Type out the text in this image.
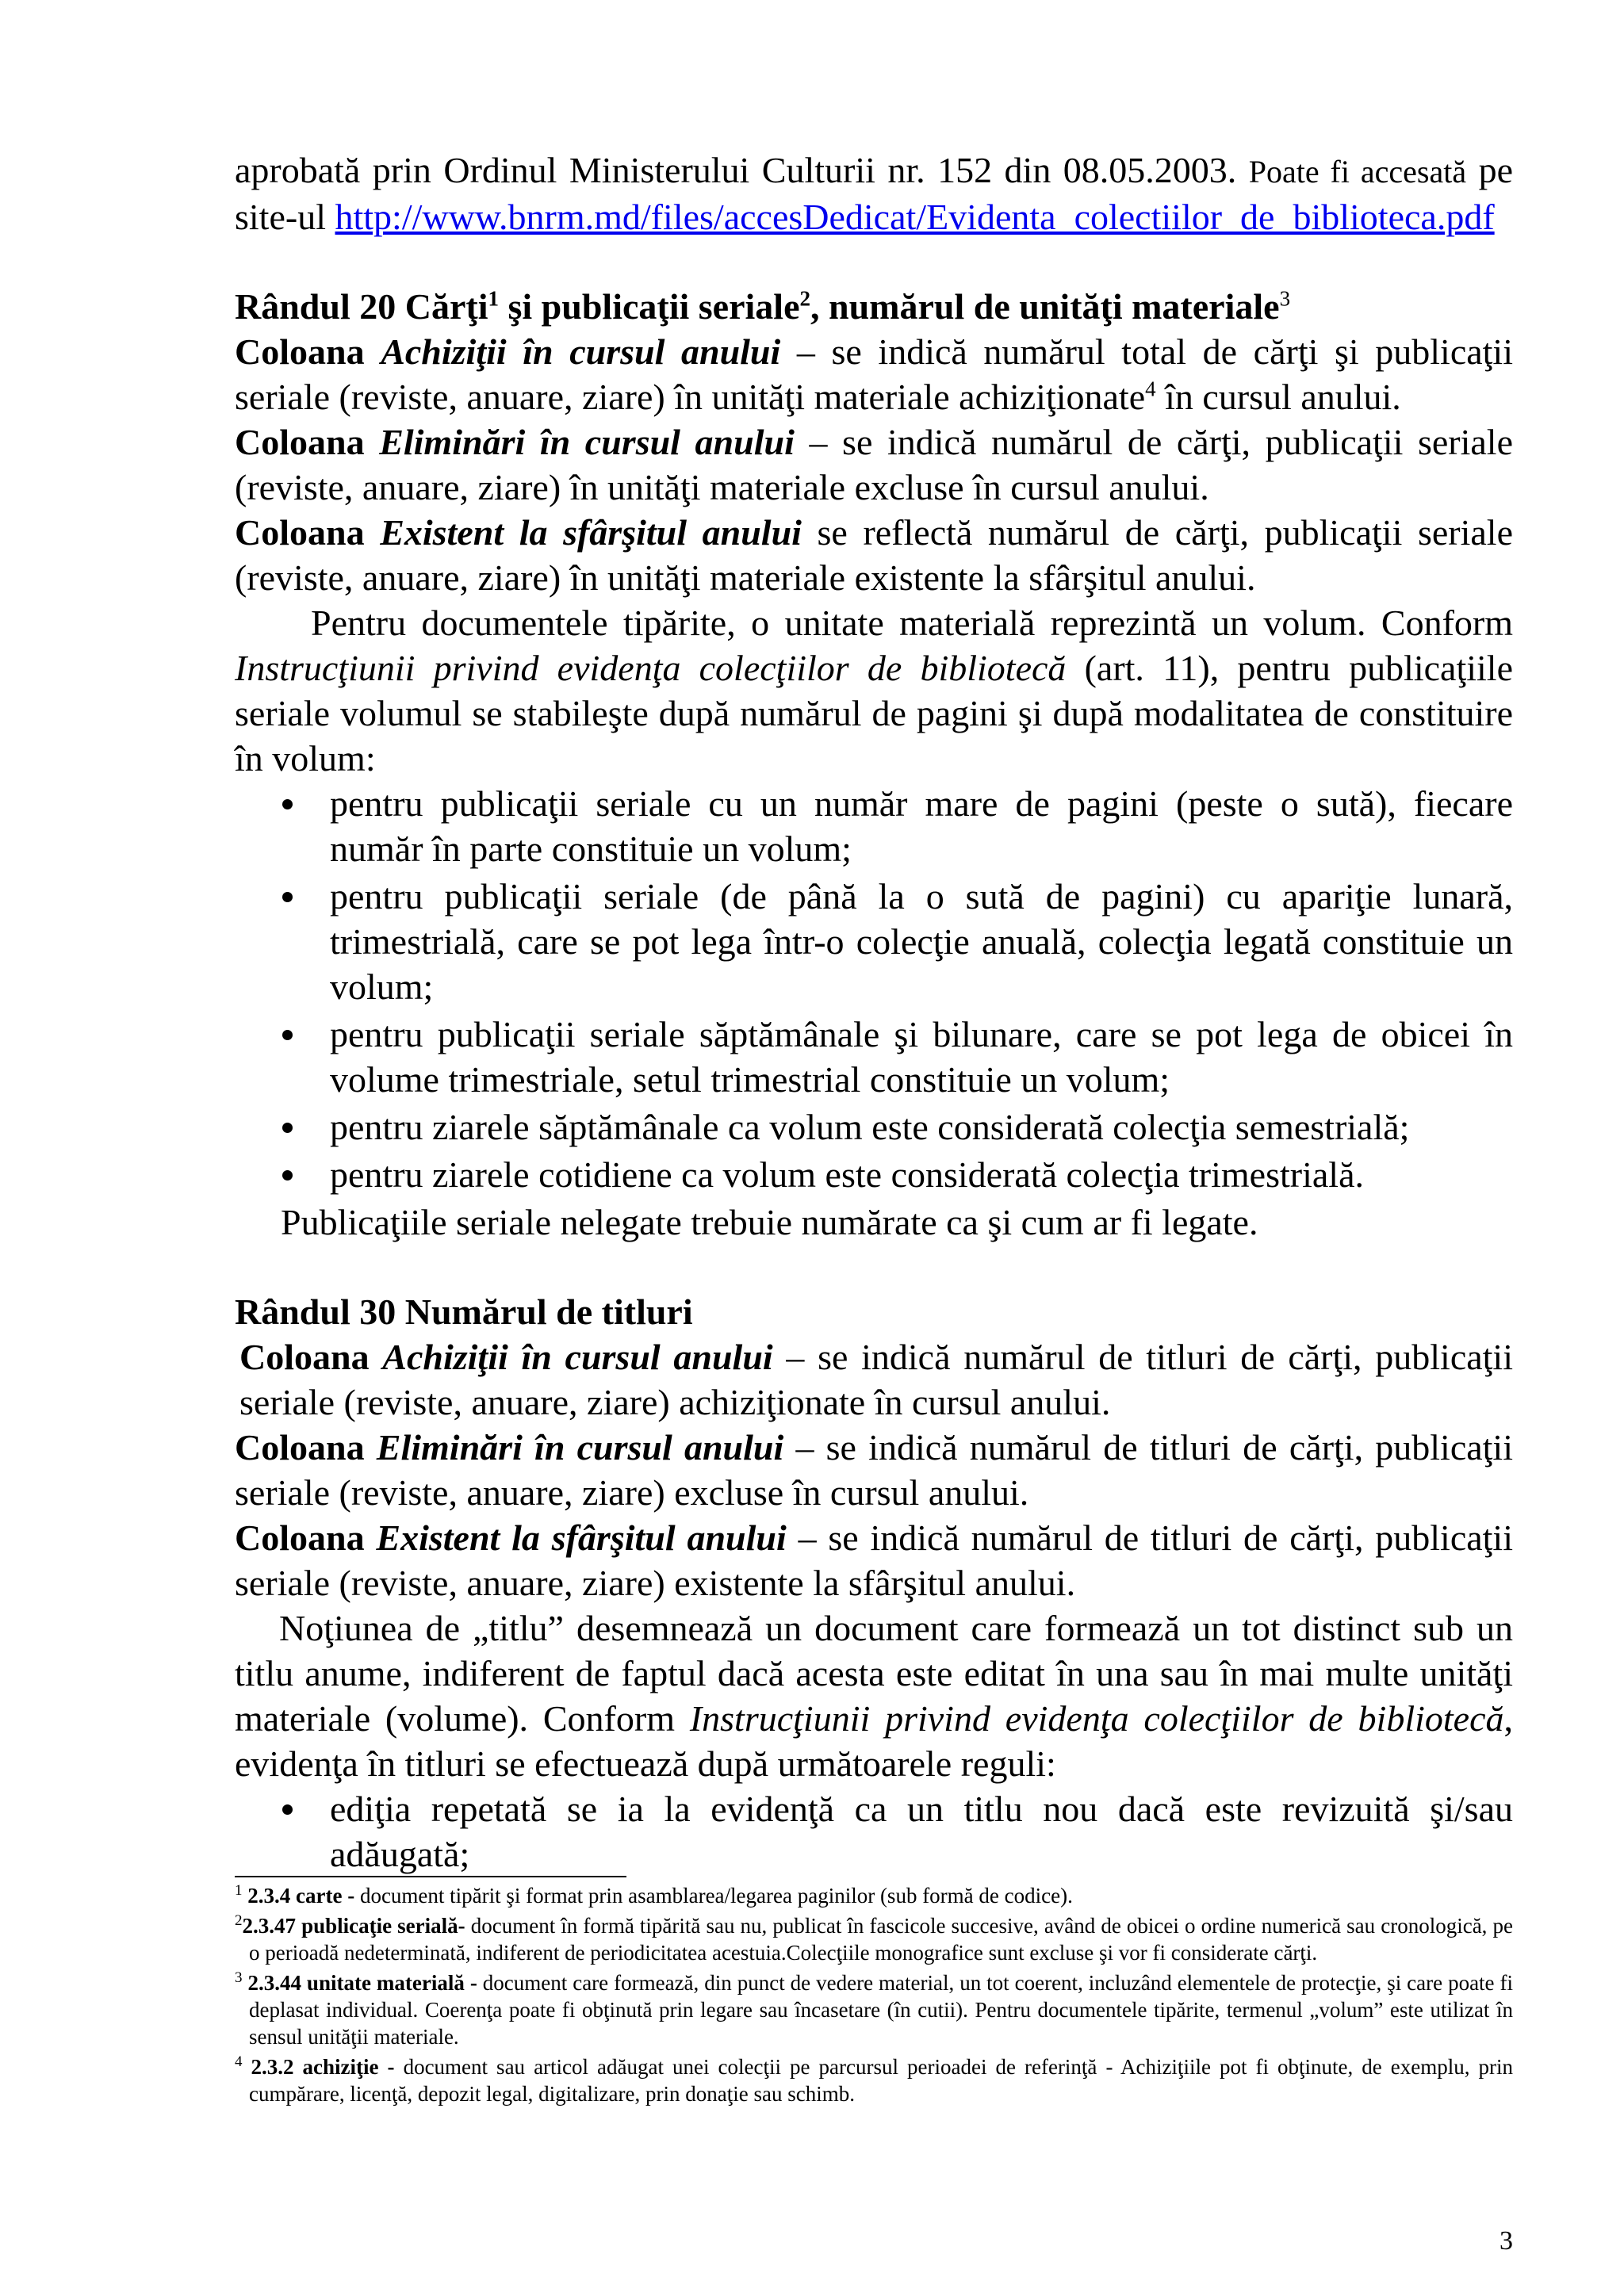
aprobată prin Ordinul Ministerului Culturii nr. 152 din 08.05.2003. Poate fi accesată pe site-ul http://www.bnrm.md/files/accesDedicat/Evidenta_colectiilor_de_biblioteca.pdf

Rândul 20 Cărţi$^1$ şi publicaţii seriale$^2$, numărul de unităţi materiale$^3$

Coloana Achiziţii în cursul anului – se indică numărul total de cărţi şi publicaţii seriale (reviste, anuare, ziare) în unităţi materiale achiziţionate$^4$ în cursul anului.

Coloana Eliminări în cursul anului – se indică numărul de cărţi, publicaţii seriale (reviste, anuare, ziare) în unităţi materiale excluse în cursul anului.

Coloana Existent la sfârşitul anului se reflectă numărul de cărţi, publicaţii seriale (reviste, anuare, ziare) în unităţi materiale existente la sfârşitul anului.

Pentru documentele tipărite, o unitate materială reprezintă un volum. Conform Instrucţiunii privind evidenţa colecţiilor de bibliotecă (art. 11), pentru publicaţiile seriale volumul se stabileşte după numărul de pagini şi după modalitatea de constituire în volum:

pentru publicaţii seriale cu un număr mare de pagini (peste o sută), fiecare număr în parte constituie un volum;
pentru publicaţii seriale (de până la o sută de pagini) cu apariţie lunară, trimestrială, care se pot lega într-o colecţie anuală, colecţia legată constituie un volum;
pentru publicaţii seriale săptămânale şi bilunare, care se pot lega de obicei în volume trimestriale, setul trimestrial constituie un volum;
pentru ziarele săptămânale ca volum este considerată colecţia semestrială;
pentru ziarele cotidiene ca volum este considerată colecţia trimestrială.

Publicaţiile seriale nelegate trebuie numărate ca şi cum ar fi legate.

Rândul 30 Numărul de titluri

Coloana Achiziţii în cursul anului – se indică numărul de titluri de cărţi, publicaţii seriale (reviste, anuare, ziare) achiziţionate în cursul anului.

Coloana Eliminări în cursul anului – se indică numărul de titluri de cărţi, publicaţii seriale (reviste, anuare, ziare) excluse în cursul anului.

Coloana Existent la sfârşitul anului – se indică numărul de titluri de cărţi, publicaţii seriale (reviste, anuare, ziare) existente la sfârşitul anului.

Noţiunea de „titlu” desemnează un document care formează un tot distinct sub un titlu anume, indiferent de faptul dacă acesta este editat în una sau în mai multe unităţi materiale (volume). Conform Instrucţiunii privind evidenţa colecţiilor de bibliotecă, evidenţa în titluri se efectuează după următoarele reguli:

ediţia repetată se ia la evidenţă ca un titlu nou dacă este revizuită şi/sau adăugată;

$^1$ 2.3.4 carte - document tipărit şi format prin asamblarea/legarea paginilor (sub formă de codice).

$^2$2.3.47 publicaţie serială- document în formă tipărită sau nu, publicat în fascicole succesive, având de obicei o ordine numerică sau cronologică, pe o perioadă nedeterminată, indiferent de periodicitatea acestuia.Colecţiile monografice sunt excluse şi vor fi considerate cărţi.

$^3$ 2.3.44 unitate materială - document care formează, din punct de vedere material, un tot coerent, incluzând elementele de protecţie, şi care poate fi deplasat individual. Coerenţa poate fi obţinută prin legare sau încasetare (în cutii). Pentru documentele tipărite, termenul „volum” este utilizat în sensul unităţii materiale.

$^4$ 2.3.2 achiziţie - document sau articol adăugat unei colecţii pe parcursul perioadei de referinţă - Achiziţiile pot fi obţinute, de exemplu, prin cumpărare, licenţă, depozit legal, digitalizare, prin donaţie sau schimb.

3
